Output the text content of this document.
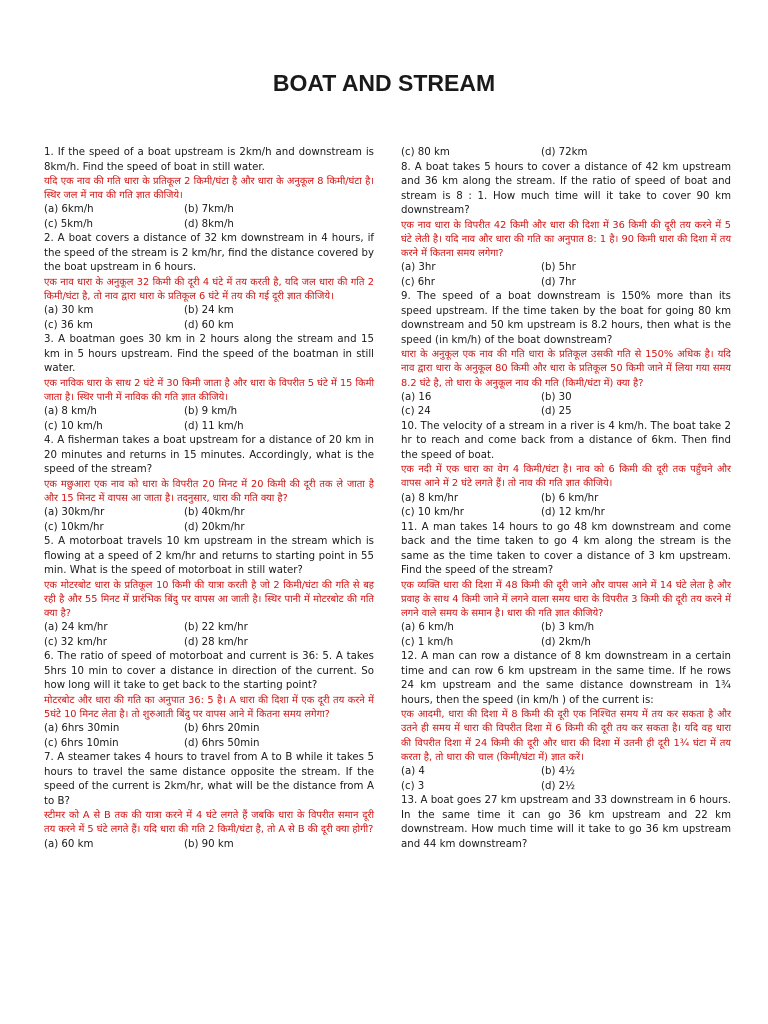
BOAT AND STREAM

1. If the speed of a boat upstream is 2km/h and downstream is 8km/h. Find the speed of boat in still water.

यदि एक नाव की गति धारा के प्रतिकूल 2 किमी/घंटा है और धारा के अनुकूल 8 किमी/घंटा है। स्थिर जल में नाव की गति ज्ञात कीजिये।

(a) 6km/h	(b) 7km/h
(c) 5km/h	(d) 8km/h

2. A boat covers a distance of 32 km downstream in 4 hours, if the speed of the stream is 2 km/hr, find the distance covered by the boat upstream in 6 hours.

एक नाव धारा के अनुकूल 32 किमी की दूरी 4 घंटे में तय करती है, यदि जल धारा की गति 2 किमी/घंटा है, तो नाव द्वारा धारा के प्रतिकूल 6 घंटे में तय की गई दूरी ज्ञात कीजिये।

(a) 30 km	(b) 24 km
(c) 36 km	(d) 60 km

3. A boatman goes 30 km in 2 hours along the stream and 15 km in 5 hours upstream. Find the speed of the boatman in still water.

एक नाविक धारा के साथ 2 घंटे में 30 किमी जाता है और धारा के विपरीत 5 घंटे में 15 किमी जाता है। स्थिर पानी में नाविक की गति ज्ञात कीजिये।

(a) 8 km/h	(b) 9 km/h
(c) 10 km/h	(d) 11 km/h

4. A fisherman takes a boat upstream for a distance of 20 km in 20 minutes and returns in 15 minutes. Accordingly, what is the speed of the stream?

एक मछुआरा एक नाव को धारा के विपरीत 20 मिनट में 20 किमी की दूरी तक ले जाता है और 15 मिनट में वापस आ जाता है। तदनुसार, धारा की गति क्या है?

(a) 30km/hr	(b) 40km/hr
(c) 10km/hr	(d) 20km/hr

5. A motorboat travels 10 km upstream in the stream which is flowing at a speed of 2 km/hr and returns to starting point in 55 min. What is the speed of motorboat in still water?

एक मोटरबोट धारा के प्रतिकूल 10 किमी की यात्रा करती है जो 2 किमी/घंटा की गति से बह रही है और 55 मिनट में प्रारंभिक बिंदु पर वापस आ जाती है। स्थिर पानी में मोटरबोट की गति क्या है?

(a) 24 km/hr	(b) 22 km/hr
(c) 32 km/hr	(d) 28 km/hr

6. The ratio of speed of motorboat and current is 36: 5. A takes 5hrs 10 min to cover a distance in direction of the current. So how long will it take to get back to the starting point?

मोटरबोट और धारा की गति का अनुपात 36: 5 है। A धारा की दिशा में एक दूरी तय करने में 5घंटे 10 मिनट लेता है। तो शुरुआती बिंदु पर वापस आने में कितना समय लगेगा?

(a) 6hrs 30min	(b) 6hrs 20min
(c) 6hrs 10min	(d) 6hrs 50min

7. A steamer takes 4 hours to travel from A to B while it takes 5 hours to travel the same distance opposite the stream. If the speed of the current is 2km/hr, what will be the distance from A to B?

स्टीमर को A से B तक की यात्रा करने में 4 घंटे लगते हैं जबकि धारा के विपरीत समान दूरी तय करने में 5 घंटे लगते हैं। यदि धारा की गति 2 किमी/घंटा है, तो A से B की दूरी क्या होगी?

(a) 60 km	(b) 90 km
(c) 80 km	(d) 72km

8. A boat takes 5 hours to cover a distance of 42 km upstream and 36 km along the stream. If the ratio of speed of boat and stream is 8 : 1. How much time will it take to cover 90 km downstream?

एक नाव धारा के विपरीत 42 किमी और धारा की दिशा में 36 किमी की दूरी तय करने में 5 घंटे लेती है। यदि नाव और धारा की गति का अनुपात 8: 1 है। 90 किमी धारा की दिशा में तय करने में कितना समय लगेगा?

(a) 3hr	(b) 5hr
(c) 6hr	(d) 7hr

9. The speed of a boat downstream is 150% more than its speed upstream. If the time taken by the boat for going 80 km downstream and 50 km upstream is 8.2 hours, then what is the speed (in km/h) of the boat downstream?

धारा के अनुकूल एक नाव की गति धारा के प्रतिकूल उसकी गति से 150% अधिक है। यदि नाव द्वारा धारा के अनुकूल 80 किमी और धारा के प्रतिकूल 50 किमी जाने में लिया गया समय 8.2 घंटे है, तो धारा के अनुकूल नाव की गति (किमी/घंटा में) क्या है?

(a) 16	(b) 30
(c) 24	(d) 25

10. The velocity of a stream in a river is 4 km/h. The boat take 2 hr to reach and come back from a distance of 6km. Then find the speed of boat.

एक नदी में एक धारा का वेग 4 किमी/घंटा है। नाव को 6 किमी की दूरी तक पहुँचने और वापस आने में 2 घंटे लगते हैं। तो नाव की गति ज्ञात कीजिये।

(a) 8 km/hr	(b) 6 km/hr
(c) 10 km/hr	(d) 12 km/hr

11. A man takes 14 hours to go 48 km downstream and come back and the time taken to go 4 km along the stream is the same as the time taken to cover a distance of 3 km upstream. Find the speed of the stream?

एक व्यक्ति धारा की दिशा में 48 किमी की दूरी जाने और वापस आने में 14 घंटे लेता है और प्रवाह के साथ 4 किमी जाने में लगने वाला समय धारा के विपरीत 3 किमी की दूरी तय करने में लगने वाले समय के समान है। धारा की गति ज्ञात कीजिये?

(a) 6 km/h	(b) 3 km/h
(c) 1 km/h	(d) 2km/h

12. A man can row a distance of 8 km downstream in a certain time and can row 6 km upstream in the same time. If he rows 24 km upstream and the same distance downstream in 1¾ hours, then the speed (in km/h ) of the current is:

एक आदमी, धारा की दिशा में 8 किमी की दूरी एक निश्चित समय में तय कर सकता है और उतने ही समय में धारा की विपरीत दिशा में 6 किमी की दूरी तय कर सकता है। यदि वह धारा की विपरीत दिशा में 24 किमी की दूरी और धारा की दिशा में उतनी ही दूरी 1¾ घंटा में तय करता है, तो धारा की चाल (किमी/घंटा में) ज्ञात करें।

(a) 4	(b) 4½
(c) 3	(d) 2½

13. A boat goes 27 km upstream and 33 downstream in 6 hours. In the same time it can go 36 km upstream and 22 km downstream. How much time will it take to go 36 km upstream and 44 km downstream?
